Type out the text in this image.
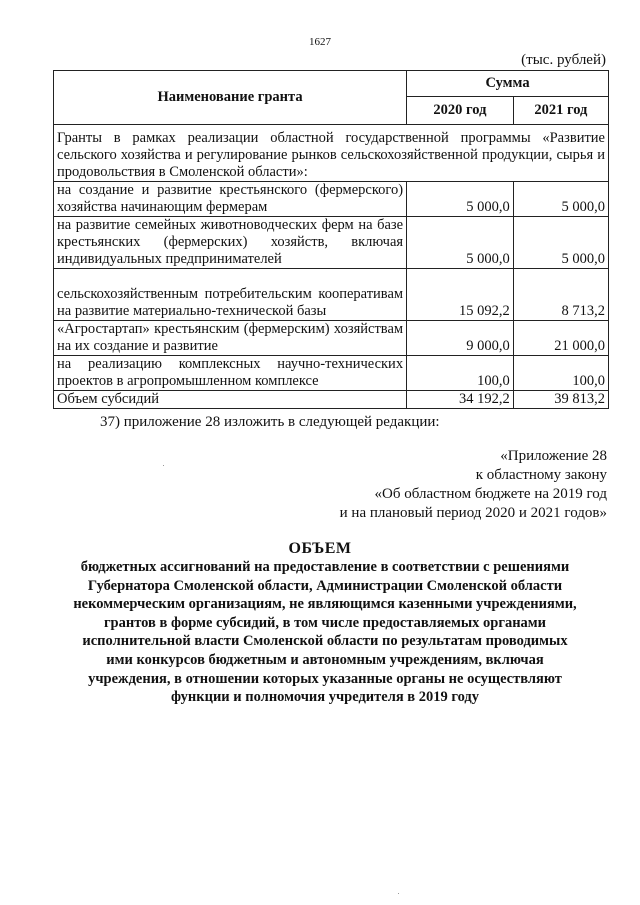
1627
(тыс. рублей)
Наименование гранта	Сумма	
	2020 год	2021 год
Гранты в рамках реализации областной государственной программы «Развитие сельского хозяйства и регулирование рынков сельскохозяйственной продукции, сырья и продовольствия в Смоленской области»:		
на создание и развитие крестьянского (фермерского) хозяйства начинающим фермерам	5 000,0	5 000,0
на развитие семейных животноводческих ферм на базе крестьянских (фермерских) хозяйств, включая индивидуальных предпринимателей	5 000,0	5 000,0
сельскохозяйственным потребительским кооперативам на развитие материально-технической базы	15 092,2	8 713,2
«Агростартап» крестьянским (фермерским) хозяйствам на их создание и развитие	9 000,0	21 000,0
на реализацию комплексных научно-технических проектов в агропромышленном комплексе	100,0	100,0
Объем субсидий	34 192,2	39 813,2
37) приложение 28 изложить в следующей редакции:
«Приложение 28
к областному закону
«Об областном бюджете на 2019 год
и на плановый период 2020 и 2021 годов»
ОБЪЕМ
бюджетных ассигнований на предоставление в соответствии с решениями Губернатора Смоленской области, Администрации Смоленской области некоммерческим организациям, не являющимся казенными учреждениями, грантов в форме субсидий, в том числе предоставляемых органами исполнительной власти Смоленской области по результатам проводимых ими конкурсов бюджетным и автономным учреждениям, включая учреждения, в отношении которых указанные органы не осуществляют функции и полномочия учредителя в 2019 году
